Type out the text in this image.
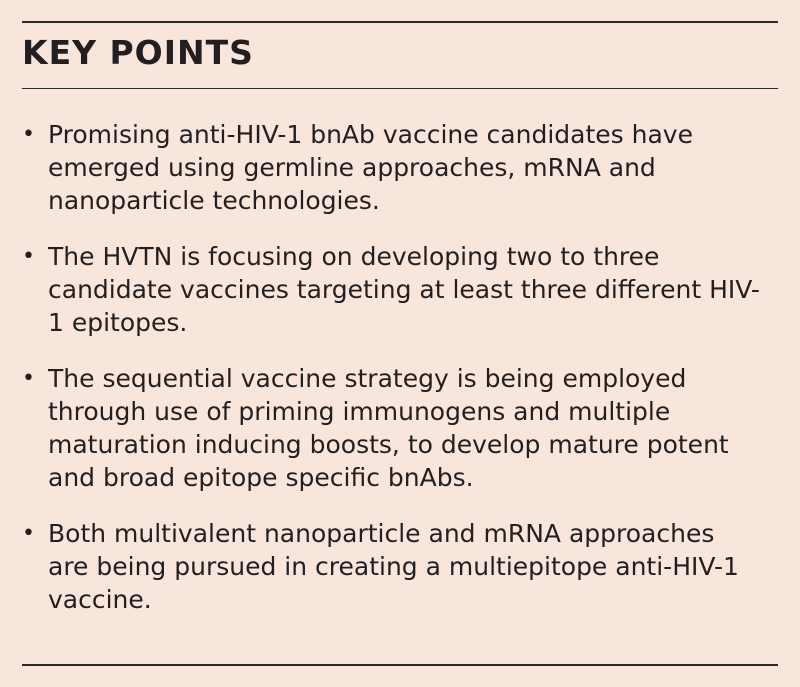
KEY POINTS
• Promising anti-HIV-1 bnAb vaccine candidates have emerged using germline approaches, mRNA and nanoparticle technologies.
• The HVTN is focusing on developing two to three candidate vaccines targeting at least three different HIV-1 epitopes.
• The sequential vaccine strategy is being employed through use of priming immunogens and multiple maturation inducing boosts, to develop mature potent and broad epitope specific bnAbs.
• Both multivalent nanoparticle and mRNA approaches are being pursued in creating a multiepitope anti-HIV-1 vaccine.
